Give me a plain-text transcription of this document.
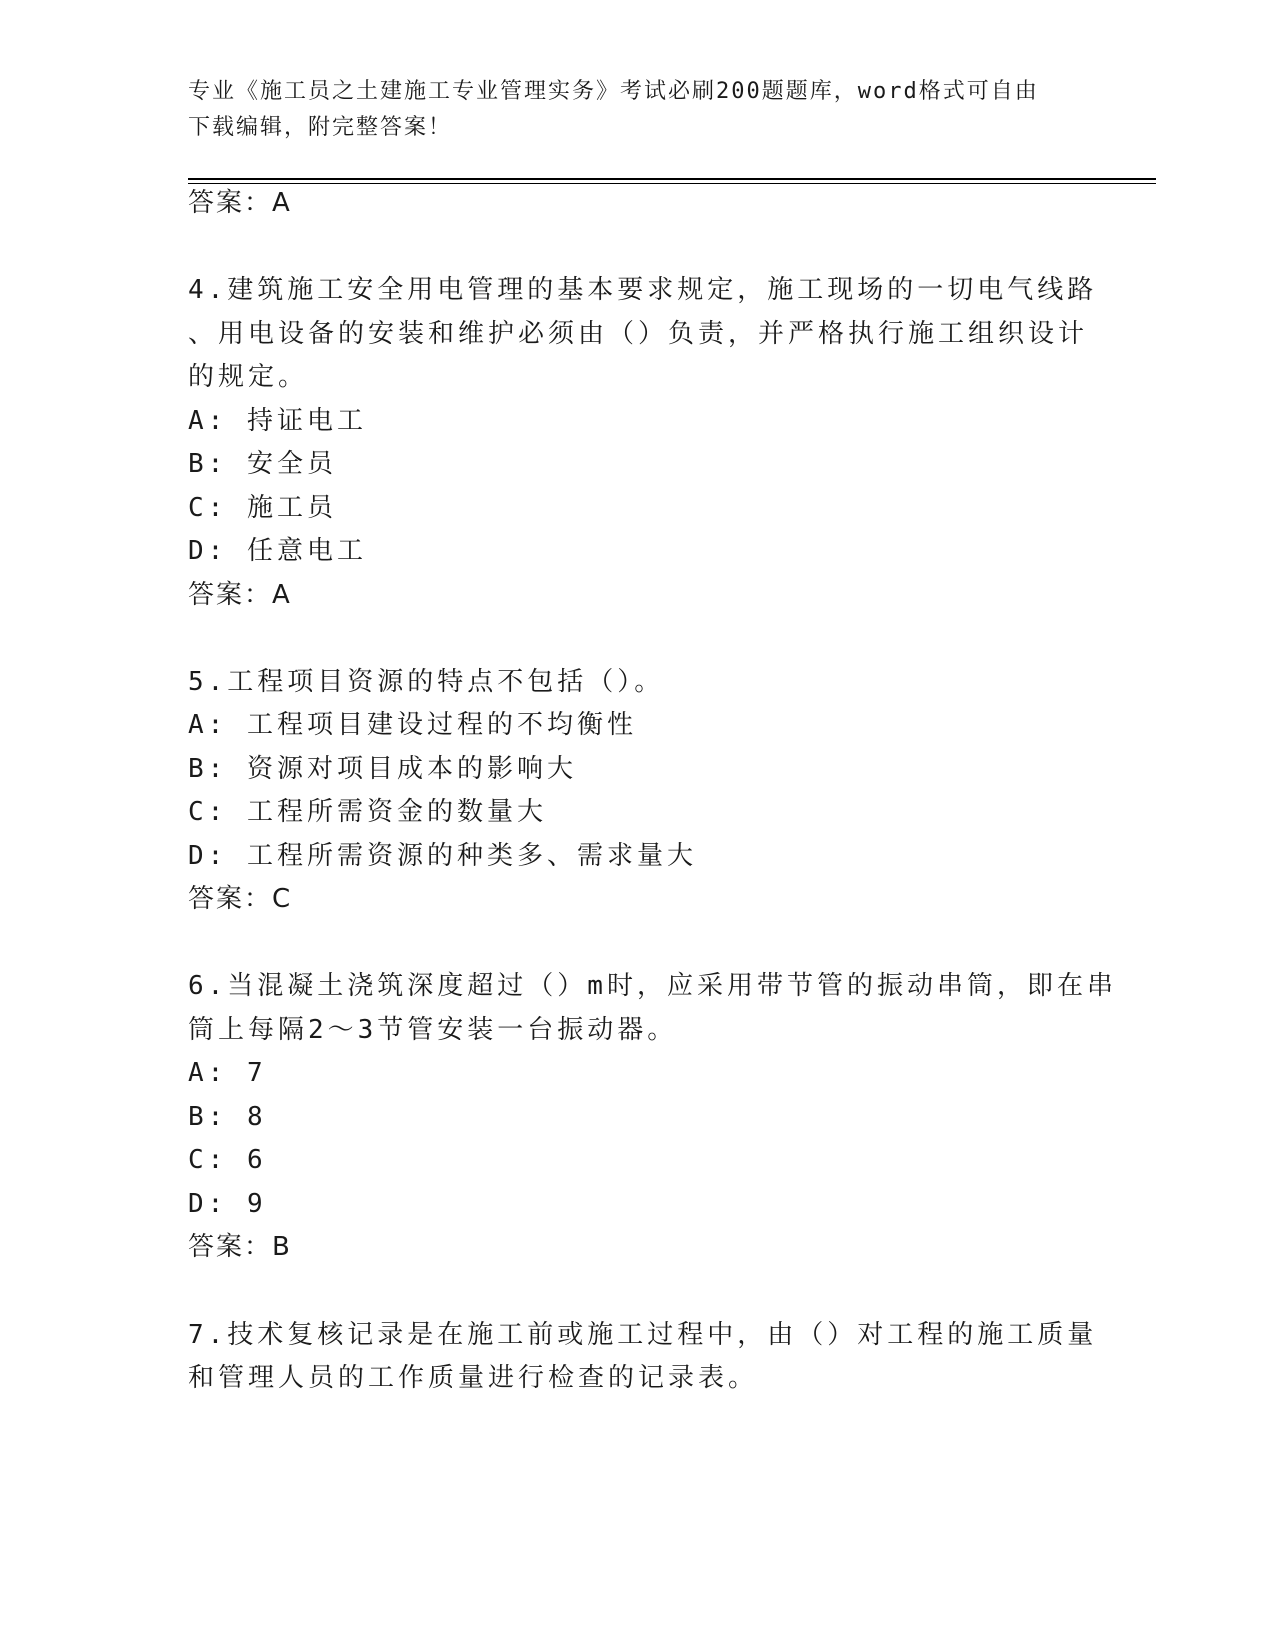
专业《施工员之土建施工专业管理实务》考试必刷200题题库，word格式可自由
下载编辑，附完整答案！
答案：A
4.建筑施工安全用电管理的基本要求规定，施工现场的一切电气线路
、用电设备的安装和维护必须由（）负责，并严格执行施工组织设计
的规定。
A: 持证电工
B: 安全员
C: 施工员
D: 任意电工
答案：A
5.工程项目资源的特点不包括（）。
A: 工程项目建设过程的不均衡性
B: 资源对项目成本的影响大
C: 工程所需资金的数量大
D: 工程所需资源的种类多、需求量大
答案：C
6.当混凝土浇筑深度超过（）m时，应采用带节管的振动串筒，即在串
筒上每隔2～3节管安装一台振动器。
A: 7
B: 8
C: 6
D: 9
答案：B
7.技术复核记录是在施工前或施工过程中，由（）对工程的施工质量
和管理人员的工作质量进行检查的记录表。
